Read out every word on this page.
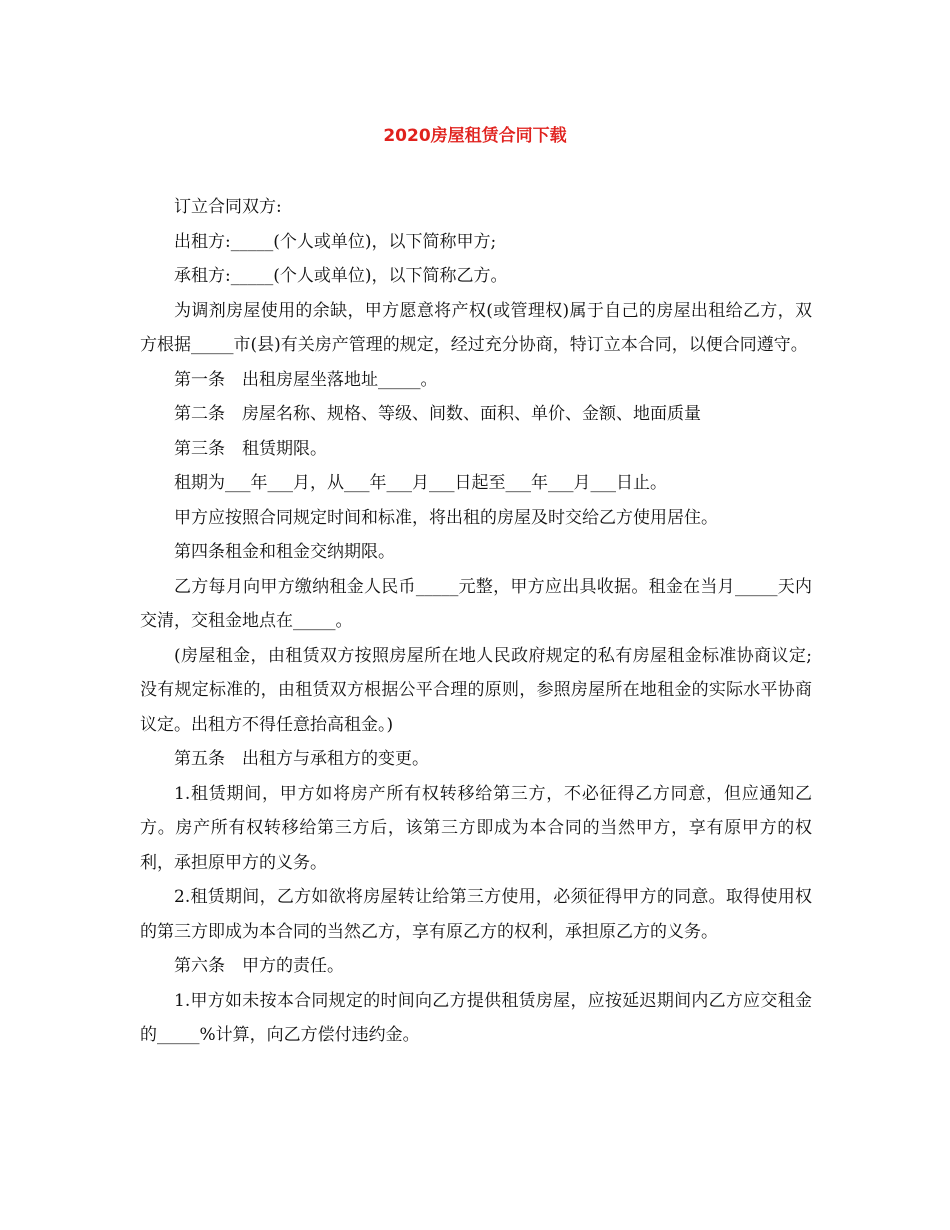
2020房屋租赁合同下载

订立合同双方:

出租方:_____(个人或单位)，以下简称甲方;

承租方:_____(个人或单位)，以下简称乙方。

为调剂房屋使用的余缺，甲方愿意将产权(或管理权)属于自己的房屋出租给乙方，双方根据_____市(县)有关房产管理的规定，经过充分协商，特订立本合同，以便合同遵守。

第一条　出租房屋坐落地址_____。

第二条　房屋名称、规格、等级、间数、面积、单价、金额、地面质量

第三条　租赁期限。

租期为___年___月，从___年___月___日起至___年___月___日止。

甲方应按照合同规定时间和标准，将出租的房屋及时交给乙方使用居住。

第四条租金和租金交纳期限。

乙方每月向甲方缴纳租金人民币_____元整，甲方应出具收据。租金在当月_____天内交清，交租金地点在_____。

(房屋租金，由租赁双方按照房屋所在地人民政府规定的私有房屋租金标准协商议定;没有规定标准的，由租赁双方根据公平合理的原则，参照房屋所在地租金的实际水平协商议定。出租方不得任意抬高租金。)

第五条　出租方与承租方的变更。

1.租赁期间，甲方如将房产所有权转移给第三方，不必征得乙方同意，但应通知乙方。房产所有权转移给第三方后，该第三方即成为本合同的当然甲方，享有原甲方的权利，承担原甲方的义务。

2.租赁期间，乙方如欲将房屋转让给第三方使用，必须征得甲方的同意。取得使用权的第三方即成为本合同的当然乙方，享有原乙方的权利，承担原乙方的义务。

第六条　甲方的责任。

1.甲方如未按本合同规定的时间向乙方提供租赁房屋，应按延迟期间内乙方应交租金的_____%计算，向乙方偿付违约金。
